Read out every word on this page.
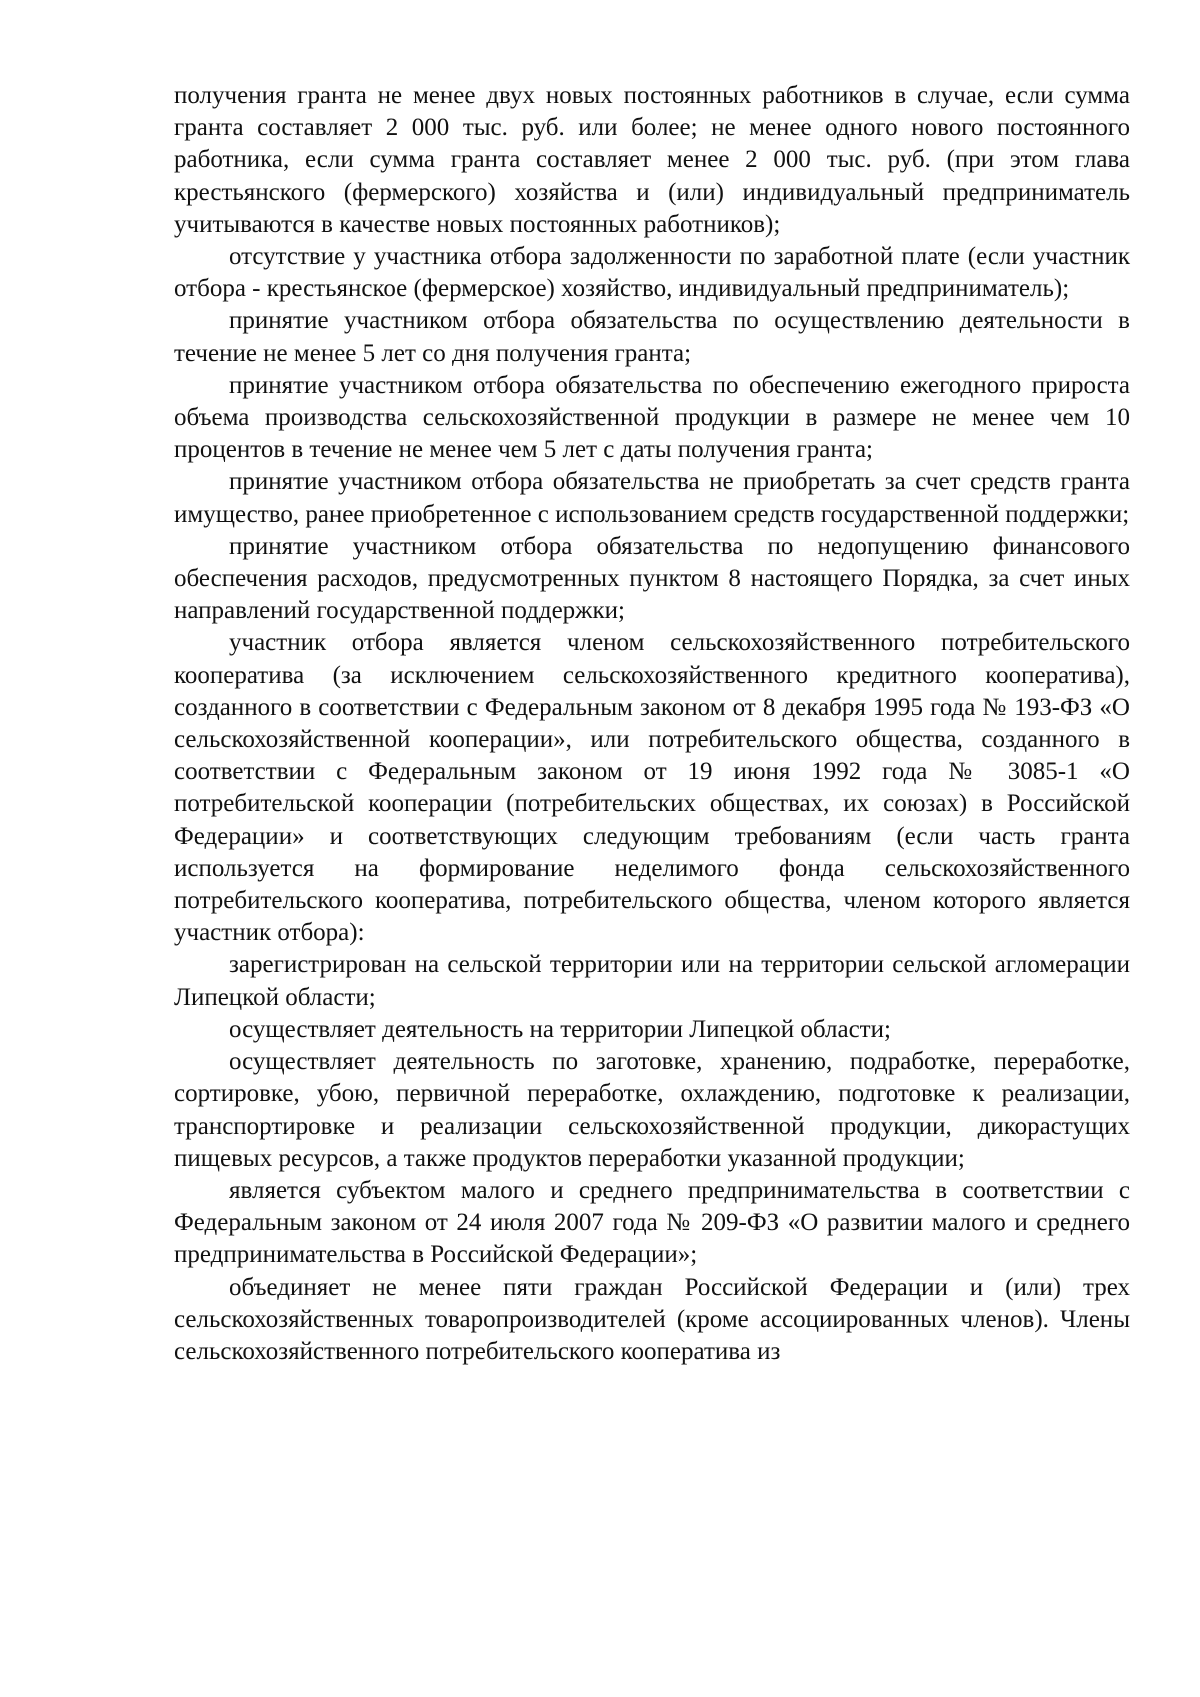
получения гранта не менее двух новых постоянных работников в случае, если сумма гранта составляет 2 000 тыс. руб. или более; не менее одного нового постоянного работника, если сумма гранта составляет менее 2 000 тыс. руб. (при этом глава крестьянского (фермерского) хозяйства и (или) индивидуальный предприниматель учитываются в качестве новых постоянных работников);

отсутствие у участника отбора задолженности по заработной плате (если участник отбора - крестьянское (фермерское) хозяйство, индивидуальный предприниматель);

принятие участником отбора обязательства по осуществлению деятельности в течение не менее 5 лет со дня получения гранта;

принятие участником отбора обязательства по обеспечению ежегодного прироста объема производства сельскохозяйственной продукции в размере не менее чем 10 процентов в течение не менее чем 5 лет с даты получения гранта;

принятие участником отбора обязательства не приобретать за счет средств гранта имущество, ранее приобретенное с использованием средств государственной поддержки;

принятие участником отбора обязательства по недопущению финансового обеспечения расходов, предусмотренных пунктом 8 настоящего Порядка, за счет иных направлений государственной поддержки;

участник отбора является членом сельскохозяйственного потребительского кооператива (за исключением сельскохозяйственного кредитного кооператива), созданного в соответствии с Федеральным законом от 8 декабря 1995 года № 193-ФЗ «О сельскохозяйственной кооперации», или потребительского общества, созданного в соответствии с Федеральным законом от 19 июня 1992 года № 3085-1 «О потребительской кооперации (потребительских обществах, их союзах) в Российской Федерации» и соответствующих следующим требованиям (если часть гранта используется на формирование неделимого фонда сельскохозяйственного потребительского кооператива, потребительского общества, членом которого является участник отбора):

зарегистрирован на сельской территории или на территории сельской агломерации Липецкой области;

осуществляет деятельность на территории Липецкой области;

осуществляет деятельность по заготовке, хранению, подработке, переработке, сортировке, убою, первичной переработке, охлаждению, подготовке к реализации, транспортировке и реализации сельскохозяйственной продукции, дикорастущих пищевых ресурсов, а также продуктов переработки указанной продукции;

является субъектом малого и среднего предпринимательства в соответствии с Федеральным законом от 24 июля 2007 года № 209-ФЗ «О развитии малого и среднего предпринимательства в Российской Федерации»;

объединяет не менее пяти граждан Российской Федерации и (или) трех сельскохозяйственных товаропроизводителей (кроме ассоциированных членов). Члены сельскохозяйственного потребительского кооператива из
